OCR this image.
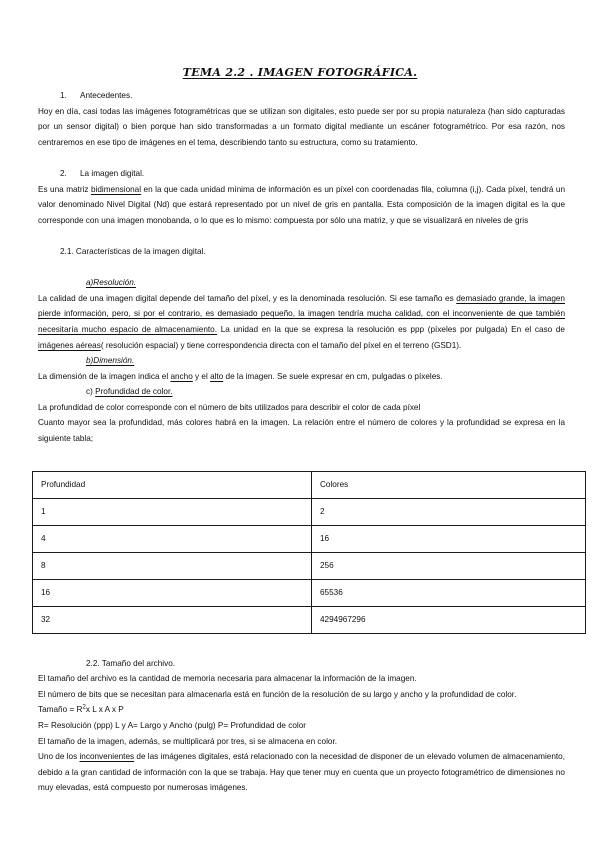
TEMA 2.2 . IMAGEN FOTOGRÁFICA.
1. Antecedentes.

Hoy en día, casi todas las imágenes fotogramétricas que se utilizan son digitales, esto puede ser por su propia naturaleza (han sido capturadas por un sensor digital) o bien porque han sido transformadas a un formato digital mediante un escáner fotogramétrico. Por esa razón, nos centraremos en ese tipo de imágenes en el tema, describiendo tanto su estructura, como su tratamiento.

2. La imagen digital.

Es una matriz bidimensional en la que cada unidad mínima de información es un píxel con coordenadas fila, columna (i,j). Cada píxel, tendrá un valor denominado Nivel Digital (Nd) que estará representado por un nivel de gris en pantalla. Esta composición de la imagen digital es la que corresponde con una imagen monobanda, o lo que es lo mismo: compuesta por sólo una matriz, y que se visualizará en niveles de gris

2.1. Características de la imagen digital.
a)Resolución.

La calidad de una imagen digital depende del tamaño del píxel, y es la denominada resolución. Si ese tamaño es demasiado grande, la imagen pierde información, pero, si por el contrario, es demasiado pequeño, la imagen tendría mucha calidad, con el inconveniente de que también necesitaría mucho espacio de almacenamiento. La unidad en la que se expresa la resolución es ppp (píxeles por pulgada) En el caso de imágenes aéreas( resolución espacial) y tiene correspondencia directa con el tamaño del píxel en el terreno (GSD1).

b)Dimensión.

La dimensión de la imagen indica el ancho y el alto de la imagen. Se suele expresar en cm, pulgadas o píxeles.

c) Profundidad de color.

La profundidad de color corresponde con el número de bits utilizados para describir el color de cada píxel

Cuanto mayor sea la profundidad, más colores habrá en la imagen. La relación entre el número de colores y la profundidad se expresa en la siguiente tabla;

Profundidad	Colores
1	2
4	16
8	256
16	65536
32	4294967296
2.2. Tamaño del archivo.

El tamaño del archivo es la cantidad de memoria necesaria para almacenar la información de la imagen.

El número de bits que se necesitan para almacenarla está en función de la resolución de su largo y ancho y la profundidad de color.

Tamaño = $R^2x$ L x A x P

R= Resolución (ppp) L y A= Largo y Ancho (pulg) P= Profundidad de color

El tamaño de la imagen, además, se multiplicará por tres, si se almacena en color.

Uno de los inconvenientes de las imágenes digitales, está relacionado con la necesidad de disponer de un elevado volumen de almacenamiento, debido a la gran cantidad de información con la que se trabaja. Hay que tener muy en cuenta que un proyecto fotogramétrico de dimensiones no muy elevadas, está compuesto por numerosas imágenes.
